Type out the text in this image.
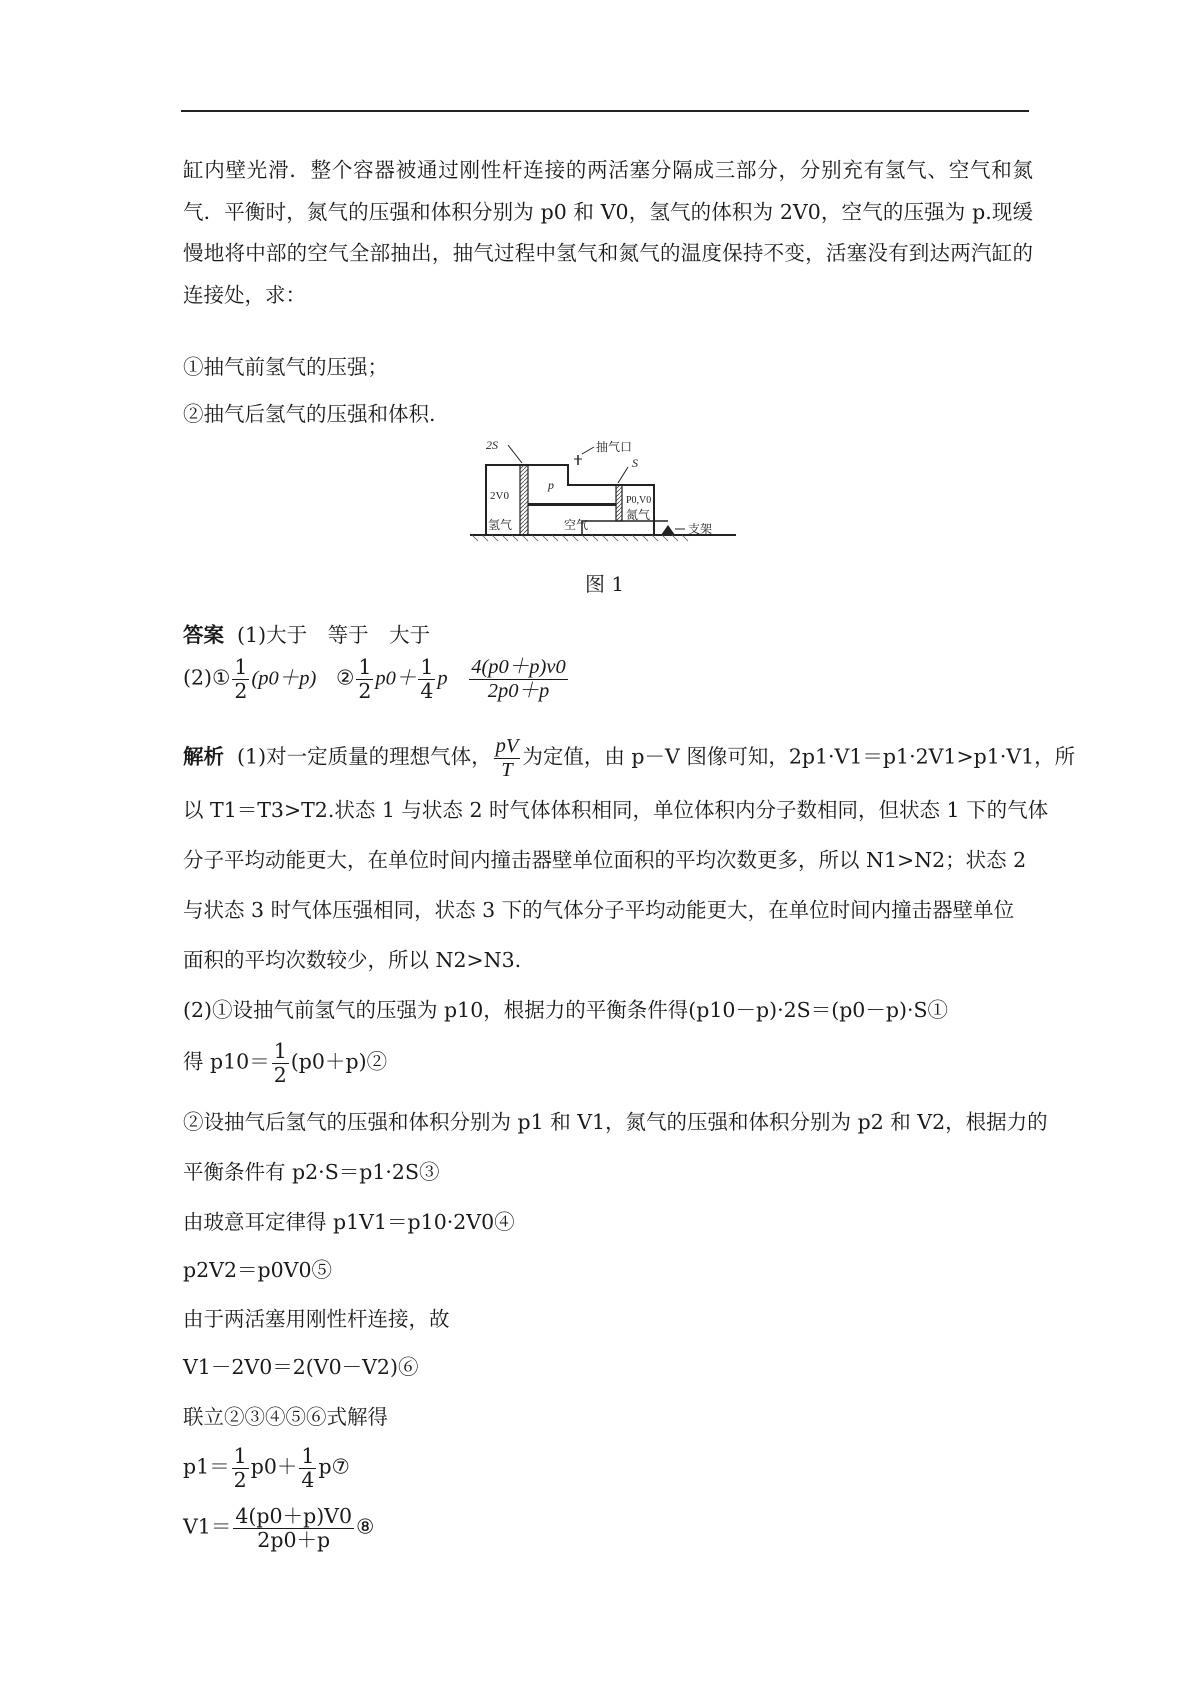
缸内壁光滑．整个容器被通过刚性杆连接的两活塞分隔成三部分，分别充有氢气、空气和氮气．平衡时，氮气的压强和体积分别为 p0 和 V0，氢气的体积为 2V0，空气的压强为 p.现缓慢地将中部的空气全部抽出，抽气过程中氢气和氮气的温度保持不变，活塞没有到达两汽缸的连接处，求：
①抽气前氢气的压强；
②抽气后氢气的压强和体积.
2S
2V0
p
抽气口
S
P0,V0
氢气	空气
氮气
支架
图 1
答案 (1)大于　等于　大于
(2)① $\frac{1}{2} (p0+p)$ ② $\frac{1}{2} p0+ \frac{1}{4}$ p $\frac{4(p0+p)v0}{2p0+p}$
解析 (1)对一定质量的理想气体， $\frac{pV}{T}$ 为定值，由 p－V 图像可知，2p1·V1＝p1·2V1>p1·V1，所
以 T1＝T3>T2.状态 1 与状态 2 时气体体积相同，单位体积内分子数相同，但状态 1 下的气体
分子平均动能更大，在单位时间内撞击器壁单位面积的平均次数更多，所以 N1>N2；状态 2
与状态 3 时气体压强相同，状态 3 下的气体分子平均动能更大，在单位时间内撞击器壁单位
面积的平均次数较少，所以 N2>N3.
(2)①设抽气前氢气的压强为 p10，根据力的平衡条件得(p10－p)·2S＝(p0－p)·S①
得 $p10= \frac{1}{2}$ (p0＋p)②
②设抽气后氢气的压强和体积分别为 p1 和 V1，氮气的压强和体积分别为 p2 和 V2，根据力的
平衡条件有 p2·S＝p1·2S③
由玻意耳定律得 p1V1＝p10·2V0④
p2V2＝p0V0⑤
由于两活塞用刚性杆连接，故
V1－2V0＝2(V0－V2)⑥
联立②③④⑤⑥式解得
$p1= \frac{1}{2} p0+ \frac{1}{4}$ p⑦
$V1= \frac{4(p0+p)V0}{2p0+p}$ ⑧
